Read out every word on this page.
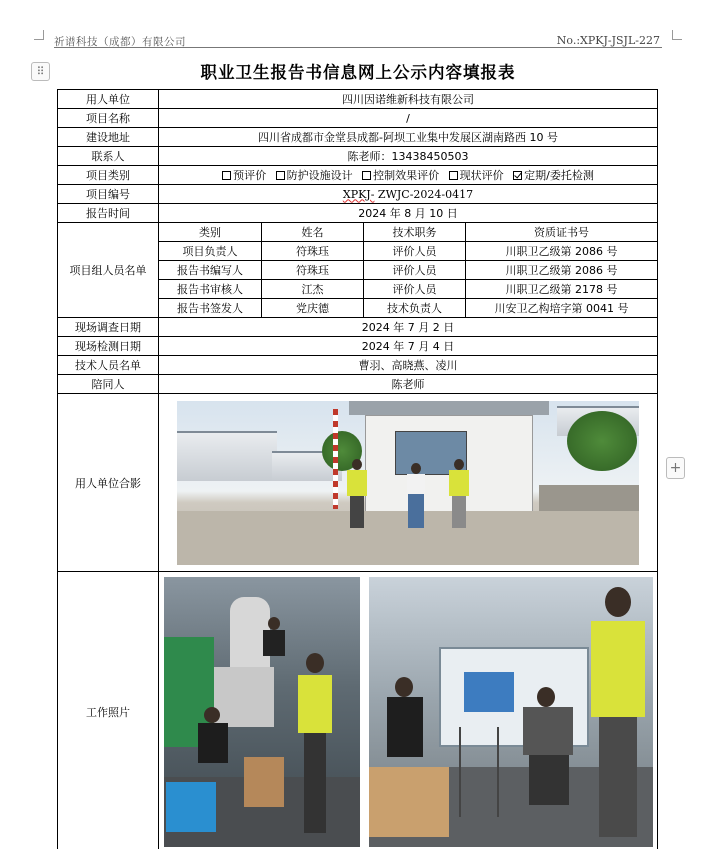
祈谱科技（成都）有限公司	No.:XPKJ-JSJL-227
⠿
+
职业卫生报告书信息网上公示内容填报表
用人单位	四川因诺维新科技有限公司			
项目名称	/			
建设地址	四川省成都市金堂县成都-阿坝工业集中发展区湖南路西 10 号			
联系人	陈老师：13438450503			
项目类别	预评价 防护设施设计 控制效果评价 现状评价 定期/委托检测			
项目编号	XPKJ- ZWJC-2024-0417			
报告时间	2024 年 8 月 10 日			
项目组人员名单	类别	姓名	技术职务	资质证书号
	项目负责人	符珠珏	评价人员	川职卫乙级第 2086 号
	报告书编写人	符珠珏	评价人员	川职卫乙级第 2086 号
	报告书审核人	江杰	评价人员	川职卫乙级第 2178 号
	报告书签发人	党庆德	技术负责人	川安卫乙构培字第 0041 号
现场调查日期	2024 年 7 月 2 日			
现场检测日期	2024 年 7 月 4 日			
技术人员名单	曹羽、高晓燕、凌川			
陪同人	陈老师			
用人单位合影				

工作照片				
